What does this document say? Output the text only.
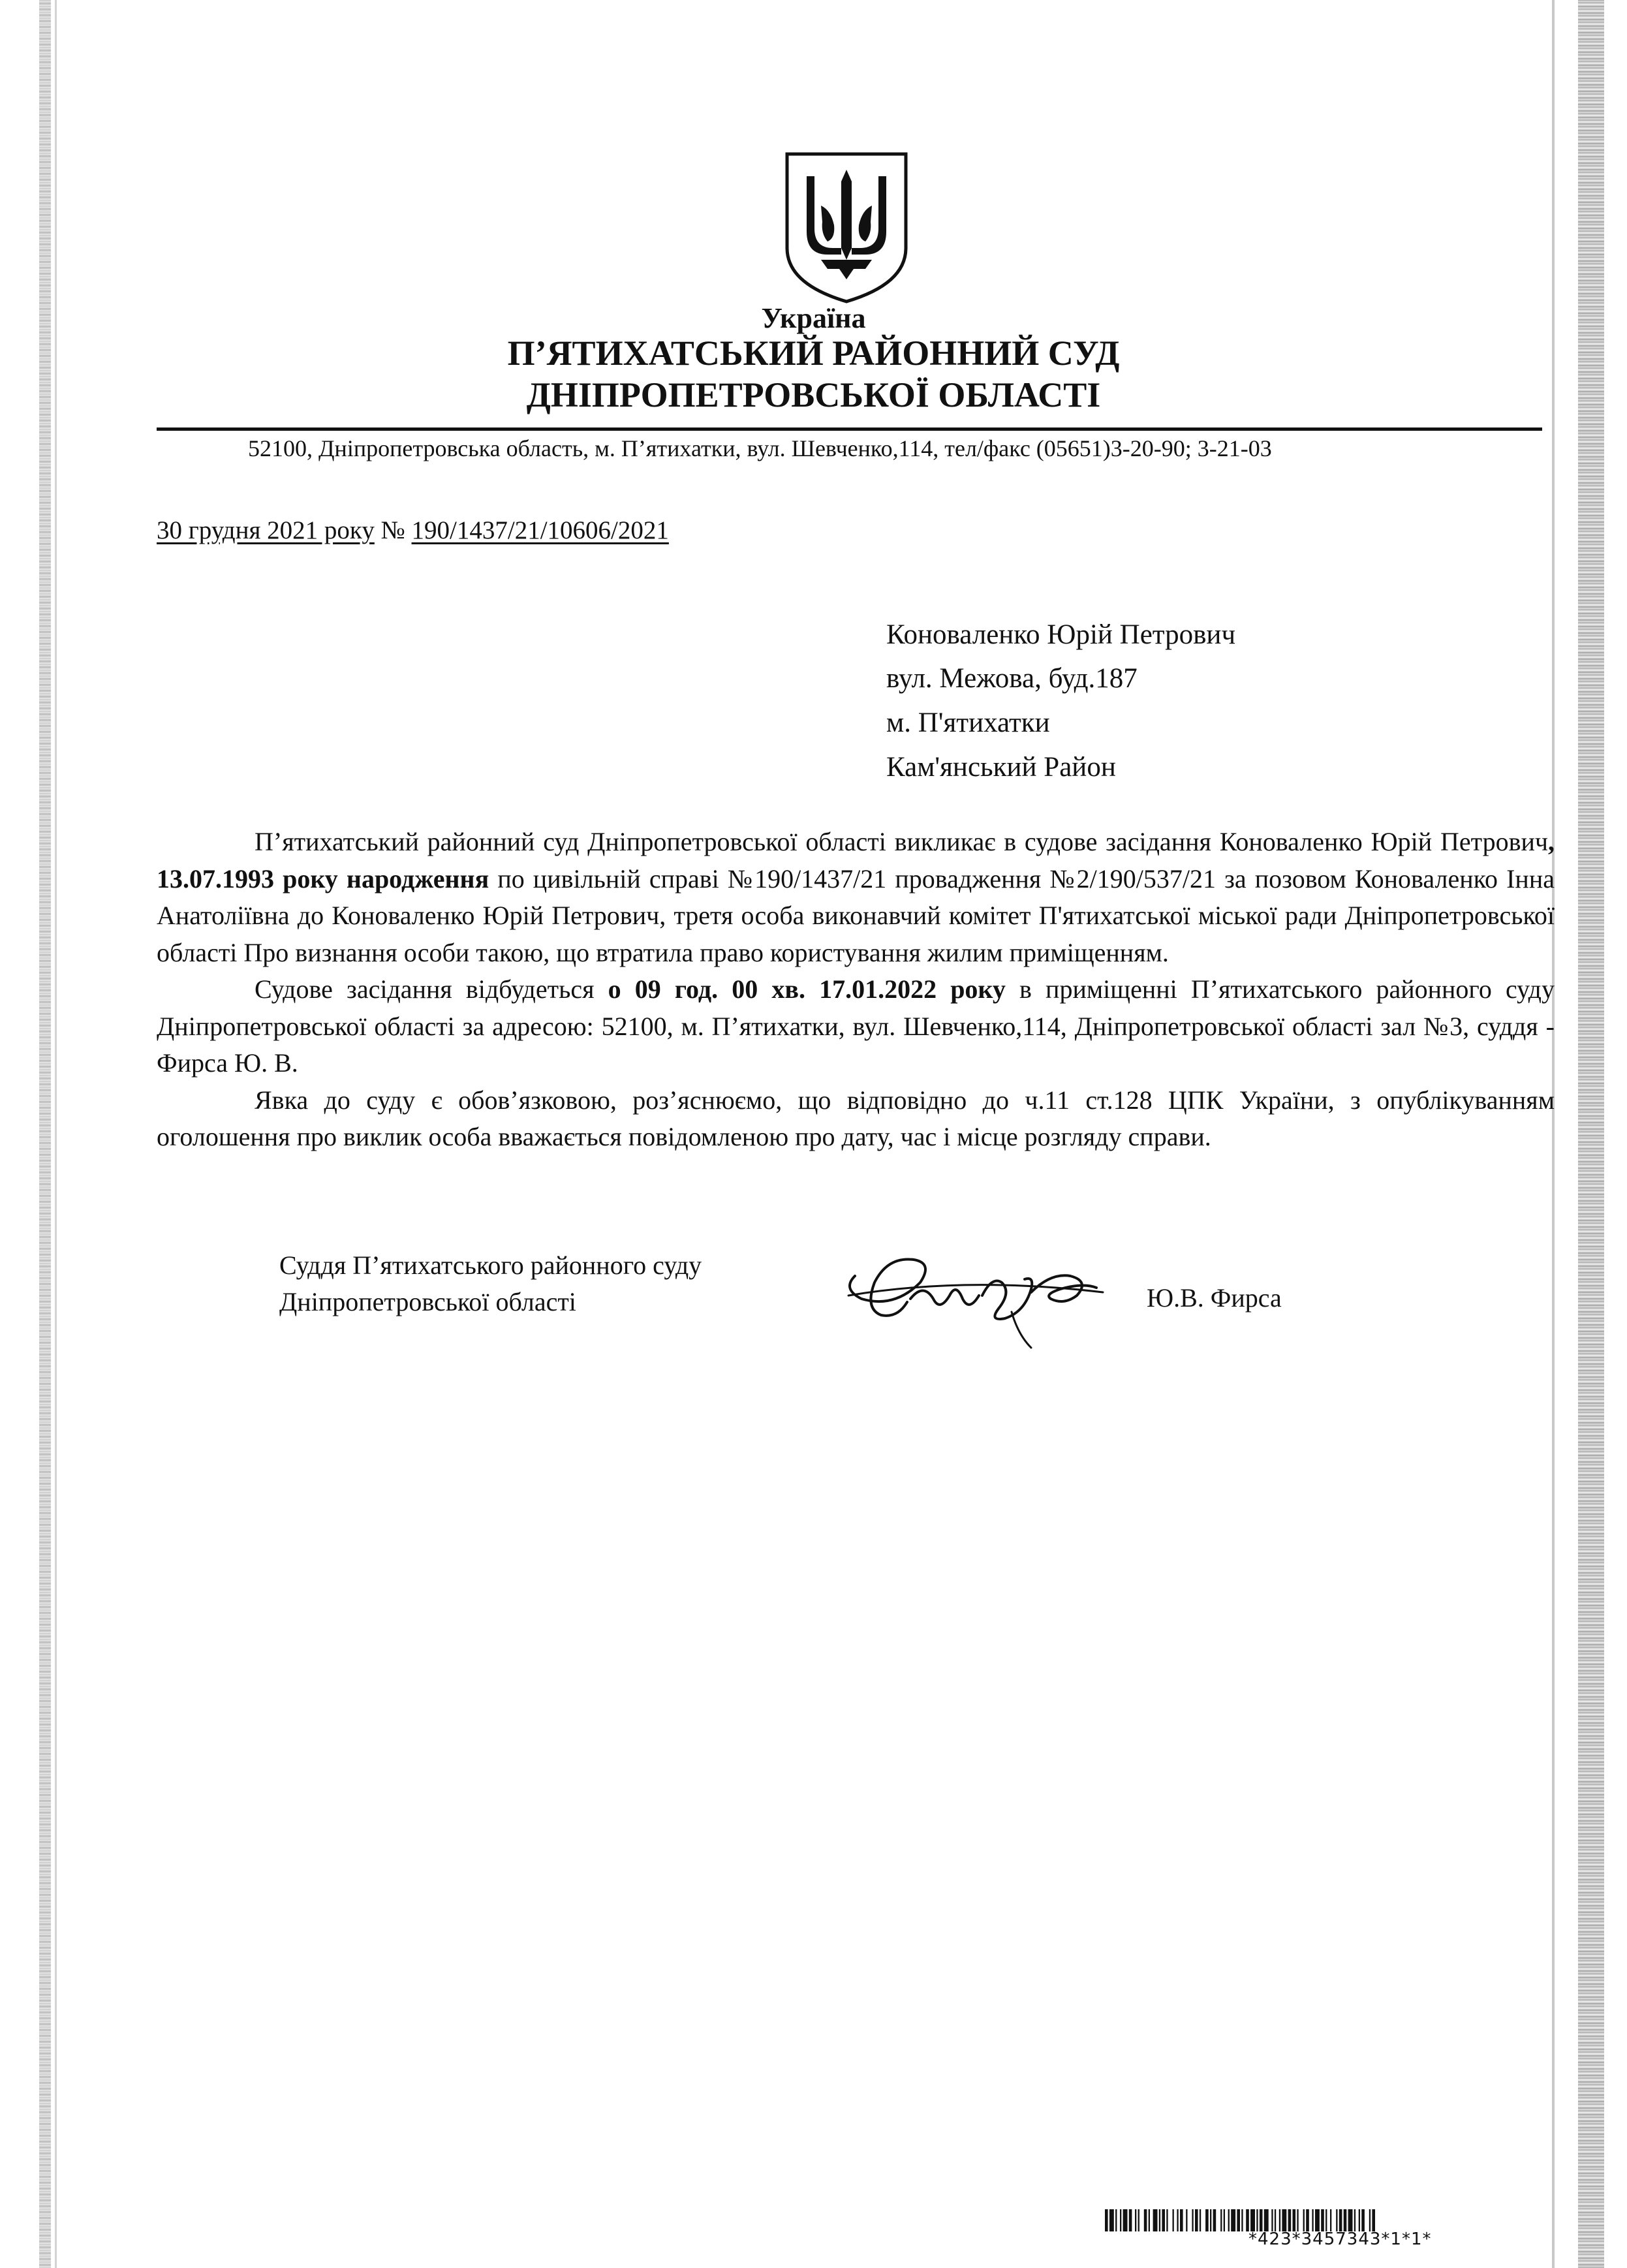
Україна
П’ЯТИХАТСЬКИЙ РАЙОННИЙ СУД
ДНІПРОПЕТРОВСЬКОЇ ОБЛАСТІ
52100, Дніпропетровська область, м. П’ятихатки, вул. Шевченко,114, тел/факс (05651)3-20-90; 3-21-03
30 грудня 2021 року № 190/1437/21/10606/2021
Коноваленко Юрій Петрович
вул. Межова, буд.187
м. П'ятихатки
Кам'янський Район

П’ятихатський районний суд Дніпропетровської області викликає в судове засідання Коноваленко Юрій Петрович, 13.07.1993 року народження по цивільній справі №190/1437/21 провадження №2/190/537/21 за позовом Коноваленко Інна Анатоліївна до Коноваленко Юрій Петрович, третя особа виконавчий комітет П'ятихатської міської ради Дніпропетровської області Про визнання особи такою, що втратила право користування жилим приміщенням.

Судове засідання відбудеться о 09 год. 00 хв. 17.01.2022 року в приміщенні П’ятихатського районного суду Дніпропетровської області за адресою: 52100, м. П’ятихатки, вул. Шевченко,114, Дніпропетровської області зал №3, суддя - Фирса Ю. В.

Явка до суду є обов’язковою, роз’яснюємо, що відповідно до ч.11 ст.128 ЦПК України, з опублікуванням оголошення про виклик особа вважається повідомленою про дату, час і місце розгляду справи.

Суддя П’ятихатського районного суду
Дніпропетровської області	Ю.В. Фирса
*423*3457343*1*1*
